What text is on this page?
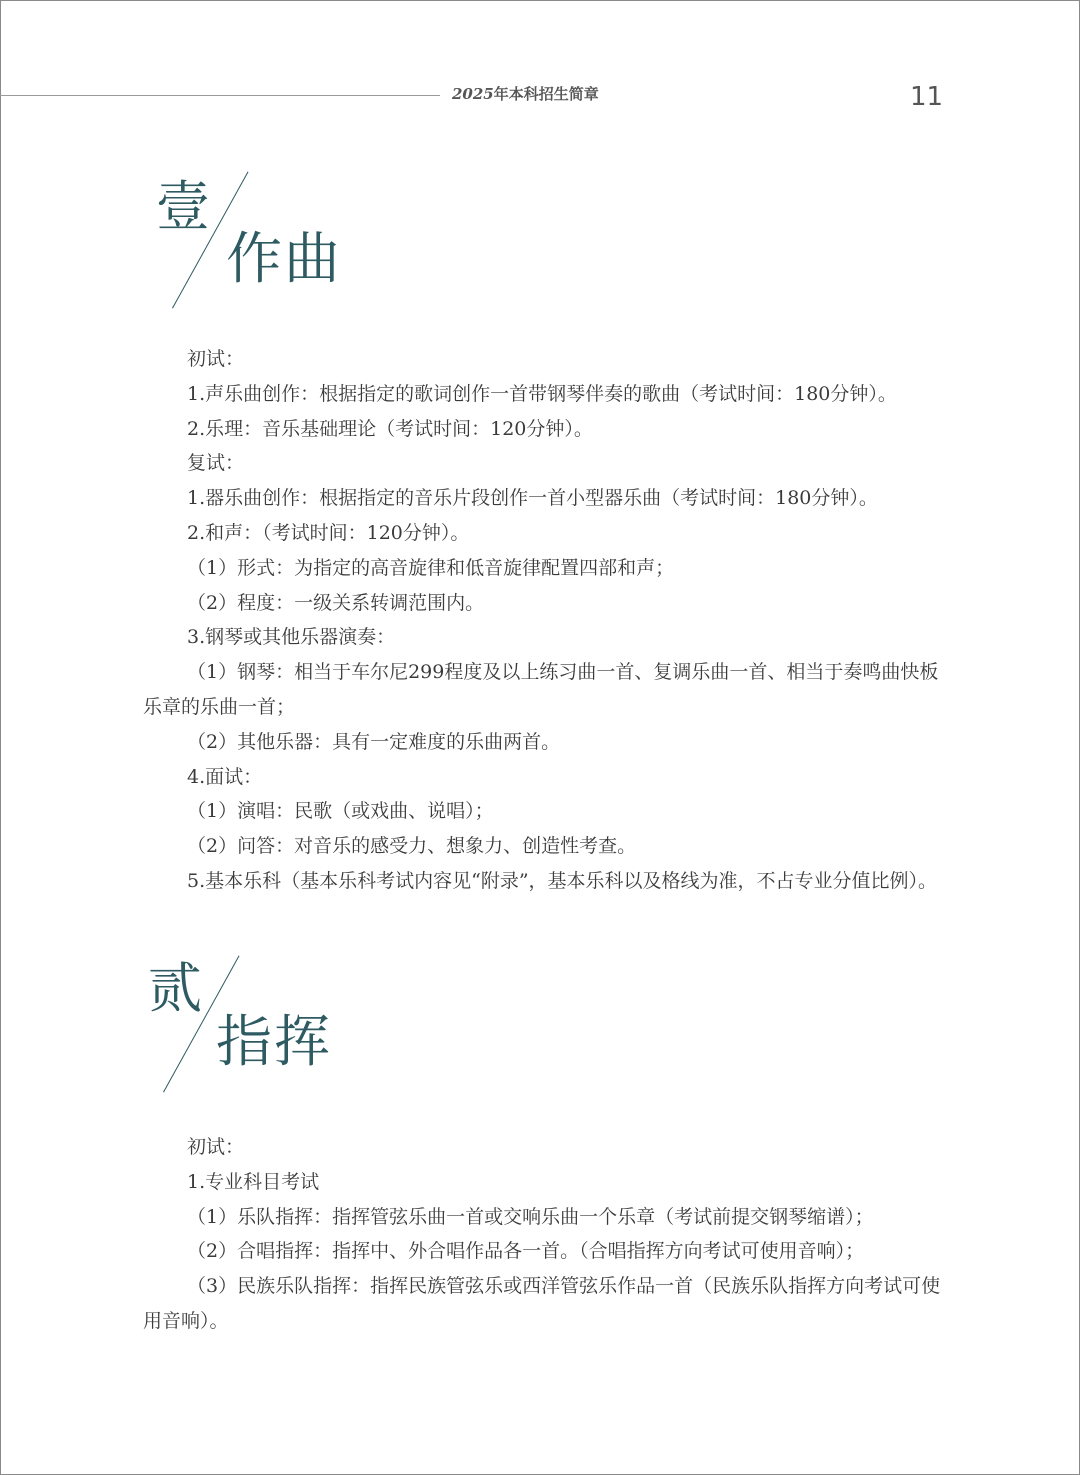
2025年本科招生简章	11
壹
作曲
初试：
1.声乐曲创作：根据指定的歌词创作一首带钢琴伴奏的歌曲（考试时间：180分钟）。
2.乐理：音乐基础理论（考试时间：120分钟）。
复试：
1.器乐曲创作：根据指定的音乐片段创作一首小型器乐曲（考试时间：180分钟）。
2.和声：（考试时间：120分钟）。
（1）形式：为指定的高音旋律和低音旋律配置四部和声；
（2）程度：一级关系转调范围内。
3.钢琴或其他乐器演奏：
（1）钢琴：相当于车尔尼299程度及以上练习曲一首、复调乐曲一首、相当于奏鸣曲快板乐章的乐曲一首；
（2）其他乐器：具有一定难度的乐曲两首。
4.面试：
（1）演唱：民歌（或戏曲、说唱）；
（2）问答：对音乐的感受力、想象力、创造性考查。
5.基本乐科（基本乐科考试内容见“附录”，基本乐科以及格线为准，不占专业分值比例）。
贰
指挥
初试：
1.专业科目考试
（1）乐队指挥：指挥管弦乐曲一首或交响乐曲一个乐章（考试前提交钢琴缩谱）；
（2）合唱指挥：指挥中、外合唱作品各一首。（合唱指挥方向考试可使用音响）；
（3）民族乐队指挥：指挥民族管弦乐或西洋管弦乐作品一首（民族乐队指挥方向考试可使用音响）。
